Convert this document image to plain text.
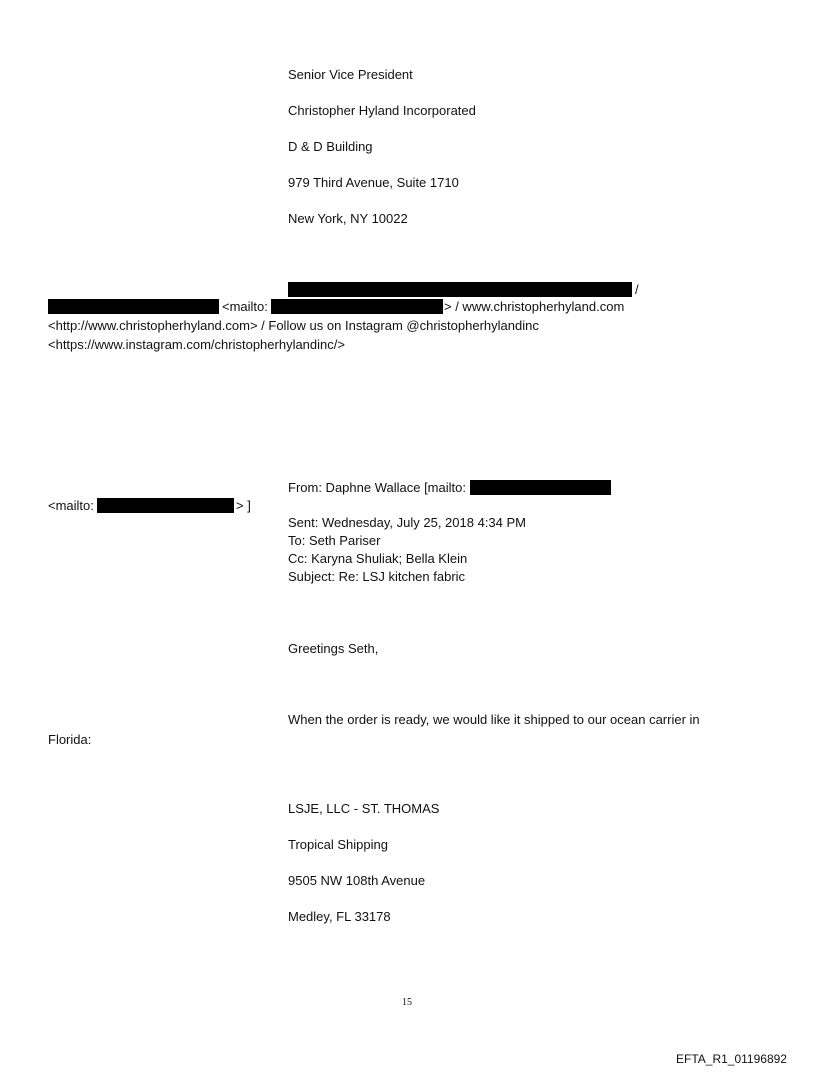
Senior Vice President
Christopher Hyland Incorporated
D & D Building
979 Third Avenue, Suite 1710
New York, NY 10022
/
<mailto:	> / www.christopherhyland.com
<http://www.christopherhyland.com> / Follow us on Instagram @christopherhylandinc
<https://www.instagram.com/christopherhylandinc/>
From: Daphne Wallace [mailto:
<mailto:	> ]
Sent: Wednesday, July 25, 2018 4:34 PM
To: Seth Pariser
Cc: Karyna Shuliak; Bella Klein
Subject: Re: LSJ kitchen fabric
Greetings Seth,
When the order is ready, we would like it shipped to our ocean carrier in
Florida:
LSJE, LLC - ST. THOMAS
Tropical Shipping
9505 NW 108th Avenue
Medley, FL 33178
15
EFTA_R1_01196892
